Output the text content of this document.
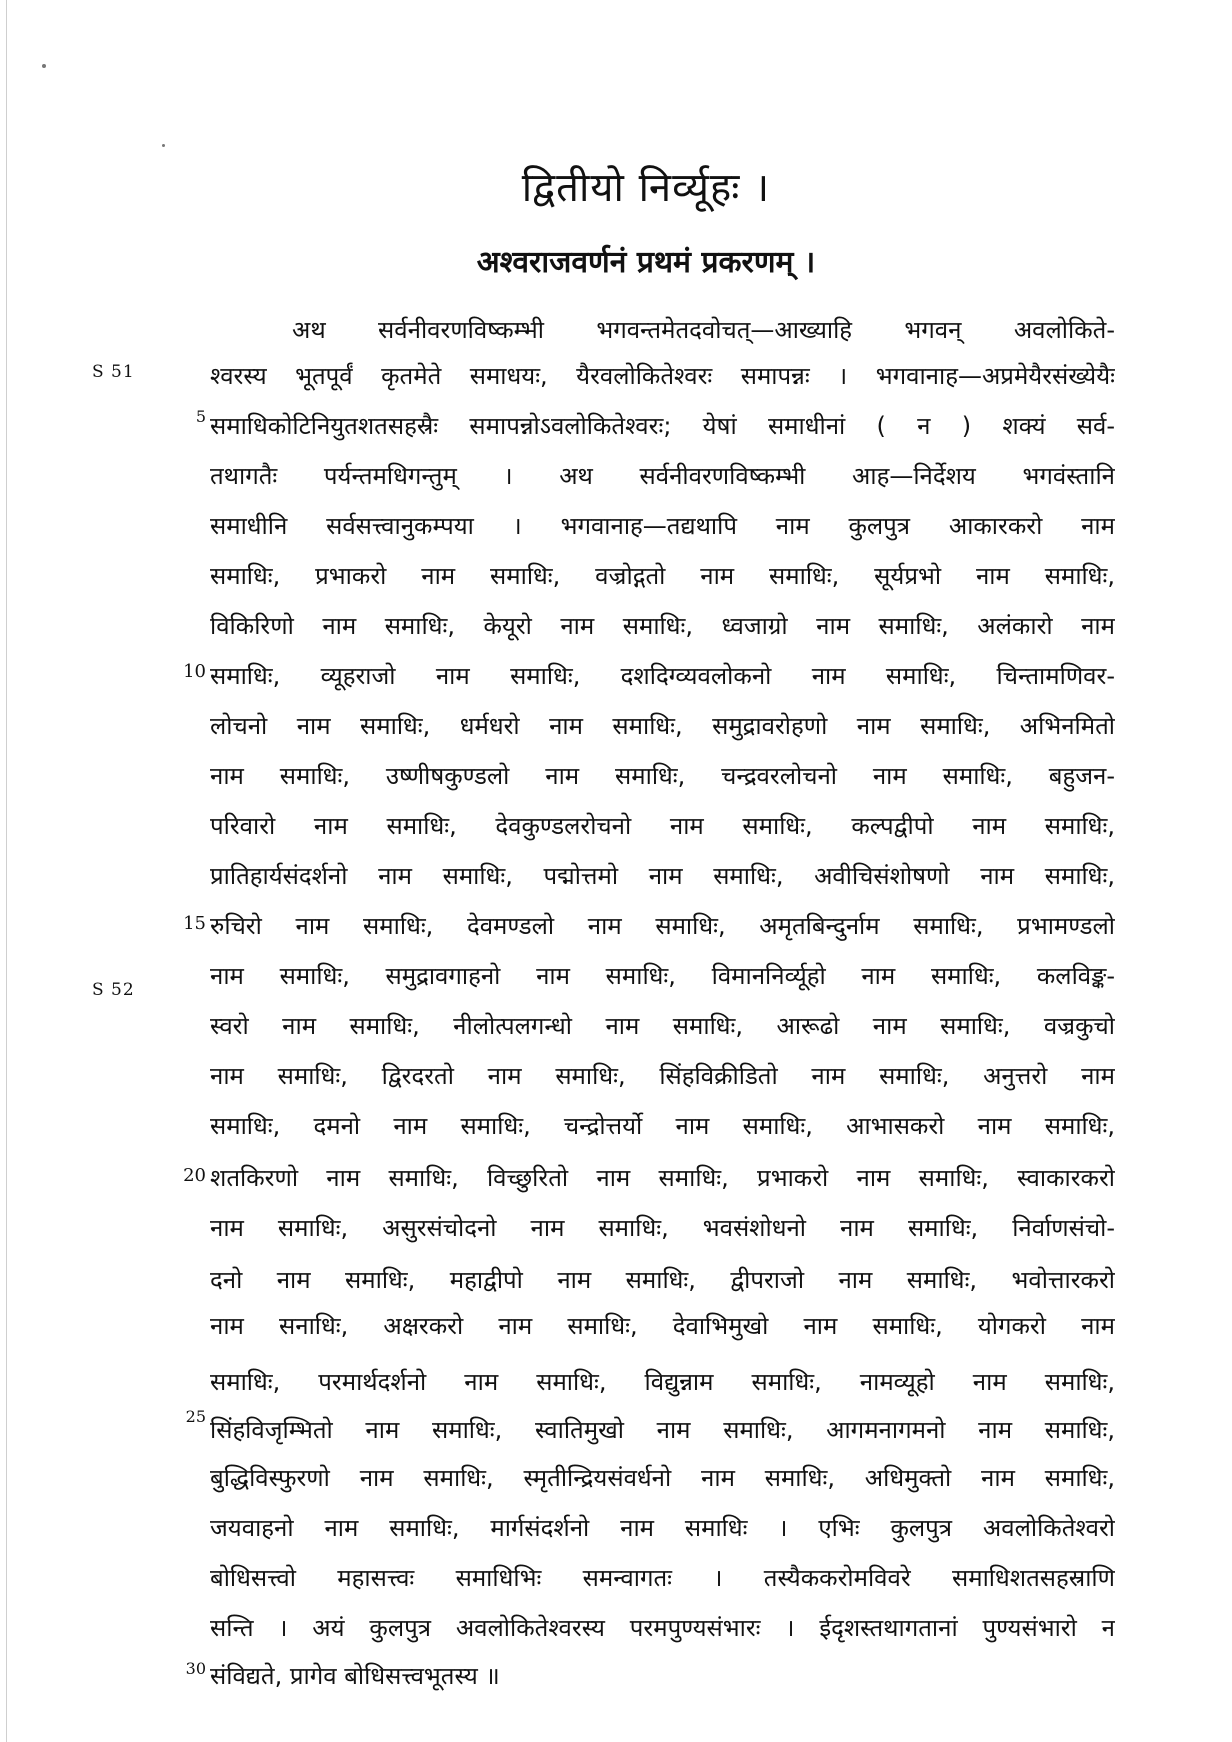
द्वितीयो निर्व्यूहः ।
अश्वराजवर्णनं प्रथमं प्रकरणम् ।
S 51
S 52
5
10
15
20
25
30
अथ सर्वनीवरणविष्कम्भी भगवन्तमेतदवोचत्—आख्याहि भगवन् अवलोकिते-
श्वरस्य भूतपूर्वं कृतमेते समाधयः, यैरवलोकितेश्वरः समापन्नः । भगवानाह—अप्रमेयैरसंख्येयैः
समाधिकोटिनियुतशतसहस्रैः समापन्नोऽवलोकितेश्वरः; येषां समाधीनां ( न ) शक्यं सर्व-
तथागतैः पर्यन्तमधिगन्तुम् । अथ सर्वनीवरणविष्कम्भी आह—निर्देशय भगवंस्तानि
समाधीनि सर्वसत्त्वानुकम्पया । भगवानाह—तद्यथापि नाम कुलपुत्र आकारकरो नाम
समाधिः, प्रभाकरो नाम समाधिः, वज्रोद्गतो नाम समाधिः, सूर्यप्रभो नाम समाधिः,
विकिरिणो नाम समाधिः, केयूरो नाम समाधिः, ध्वजाग्रो नाम समाधिः, अलंकारो नाम
समाधिः, व्यूहराजो नाम समाधिः, दशदिग्व्यवलोकनो नाम समाधिः, चिन्तामणिवर-
लोचनो नाम समाधिः, धर्मधरो नाम समाधिः, समुद्रावरोहणो नाम समाधिः, अभिनमितो
नाम समाधिः, उष्णीषकुण्डलो नाम समाधिः, चन्द्रवरलोचनो नाम समाधिः, बहुजन-
परिवारो नाम समाधिः, देवकुण्डलरोचनो नाम समाधिः, कल्पद्वीपो नाम समाधिः,
प्रातिहार्यसंदर्शनो नाम समाधिः, पद्मोत्तमो नाम समाधिः, अवीचिसंशोषणो नाम समाधिः,
रुचिरो नाम समाधिः, देवमण्डलो नाम समाधिः, अमृतबिन्दुर्नाम समाधिः, प्रभामण्डलो
नाम समाधिः, समुद्रावगाहनो नाम समाधिः, विमाननिर्व्यूहो नाम समाधिः, कलविङ्क-
स्वरो नाम समाधिः, नीलोत्पलगन्धो नाम समाधिः, आरूढो नाम समाधिः, वज्रकुचो
नाम समाधिः, द्विरदरतो नाम समाधिः, सिंहविक्रीडितो नाम समाधिः, अनुत्तरो नाम
समाधिः, दमनो नाम समाधिः, चन्द्रोत्तर्यो नाम समाधिः, आभासकरो नाम समाधिः,
शतकिरणो नाम समाधिः, विच्छुरितो नाम समाधिः, प्रभाकरो नाम समाधिः, स्वाकारकरो
नाम समाधिः, असुरसंचोदनो नाम समाधिः, भवसंशोधनो नाम समाधिः, निर्वाणसंचो-
दनो नाम समाधिः, महाद्वीपो नाम समाधिः, द्वीपराजो नाम समाधिः, भवोत्तारकरो
नाम सनाधिः, अक्षरकरो नाम समाधिः, देवाभिमुखो नाम समाधिः, योगकरो नाम
समाधिः, परमार्थदर्शनो नाम समाधिः, विद्युन्नाम समाधिः, नामव्यूहो नाम समाधिः,
सिंहविजृम्भितो नाम समाधिः, स्वातिमुखो नाम समाधिः, आगमनागमनो नाम समाधिः,
बुद्धिविस्फुरणो नाम समाधिः, स्मृतीन्द्रियसंवर्धनो नाम समाधिः, अधिमुक्तो नाम समाधिः,
जयवाहनो नाम समाधिः, मार्गसंदर्शनो नाम समाधिः । एभिः कुलपुत्र अवलोकितेश्वरो
बोधिसत्त्वो महासत्त्वः समाधिभिः समन्वागतः । तस्यैककरोमविवरे समाधिशतसहस्राणि
सन्ति । अयं कुलपुत्र अवलोकितेश्वरस्य परमपुण्यसंभारः । ईदृशस्तथागतानां पुण्यसंभारो न
संविद्यते, प्रागेव बोधिसत्त्वभूतस्य ॥
